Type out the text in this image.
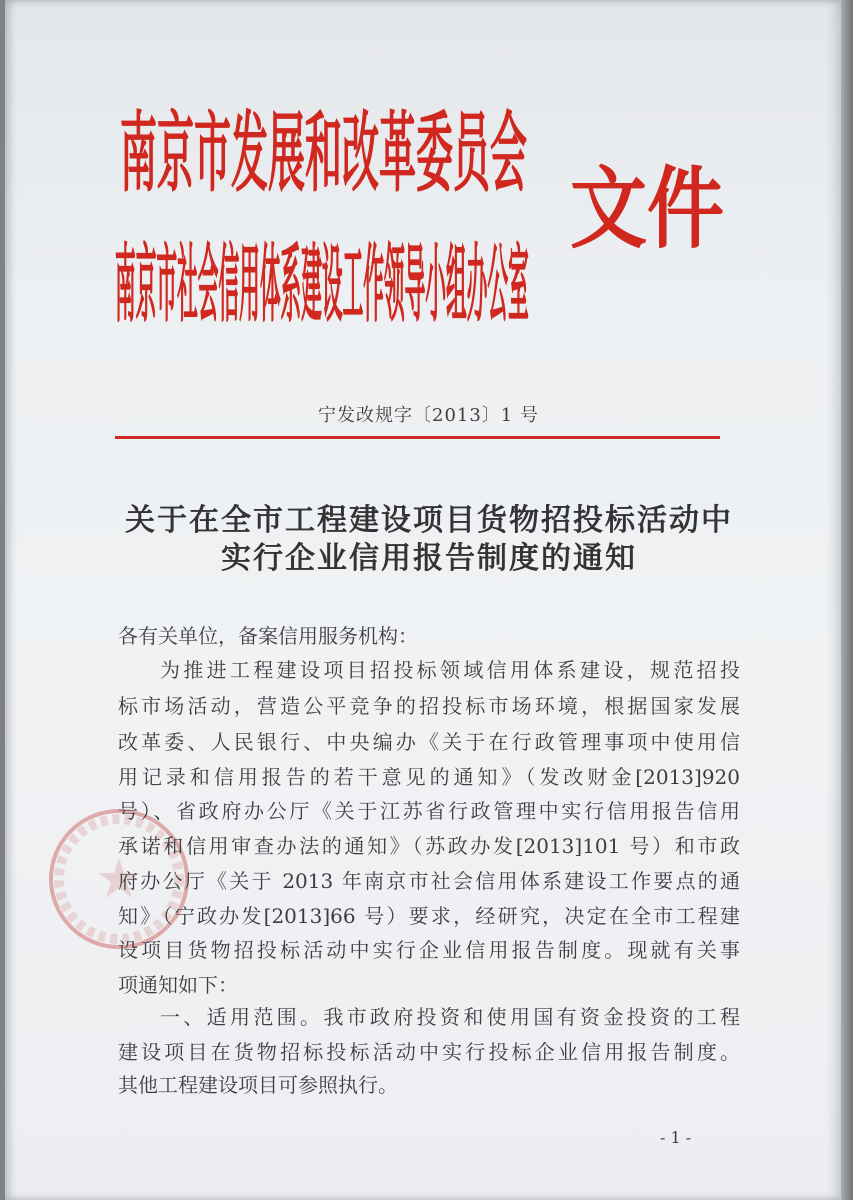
南京市发展和改革委员会
南京市社会信用体系建设工作领导小组办公室
文件
宁发改规字〔2013〕1 号
关于在全市工程建设项目货物招投标活动中
实行企业信用报告制度的通知
各有关单位，备案信用服务机构：
为推进工程建设项目招投标领域信用体系建设，规范招投
标市场活动，营造公平竞争的招投标市场环境，根据国家发展
改革委、人民银行、中央编办《关于在行政管理事项中使用信
用记录和信用报告的若干意见的通知》（发改财金[2013]920
号）、省政府办公厅《关于江苏省行政管理中实行信用报告信用
承诺和信用审查办法的通知》（苏政办发[2013]101 号）和市政
府办公厅《关于 2013 年南京市社会信用体系建设工作要点的通
知》（宁政办发[2013]66 号）要求，经研究，决定在全市工程建
设项目货物招投标活动中实行企业信用报告制度。现就有关事
项通知如下：
一、适用范围。我市政府投资和使用国有资金投资的工程
建设项目在货物招标投标活动中实行投标企业信用报告制度。
其他工程建设项目可参照执行。
- 1 -
